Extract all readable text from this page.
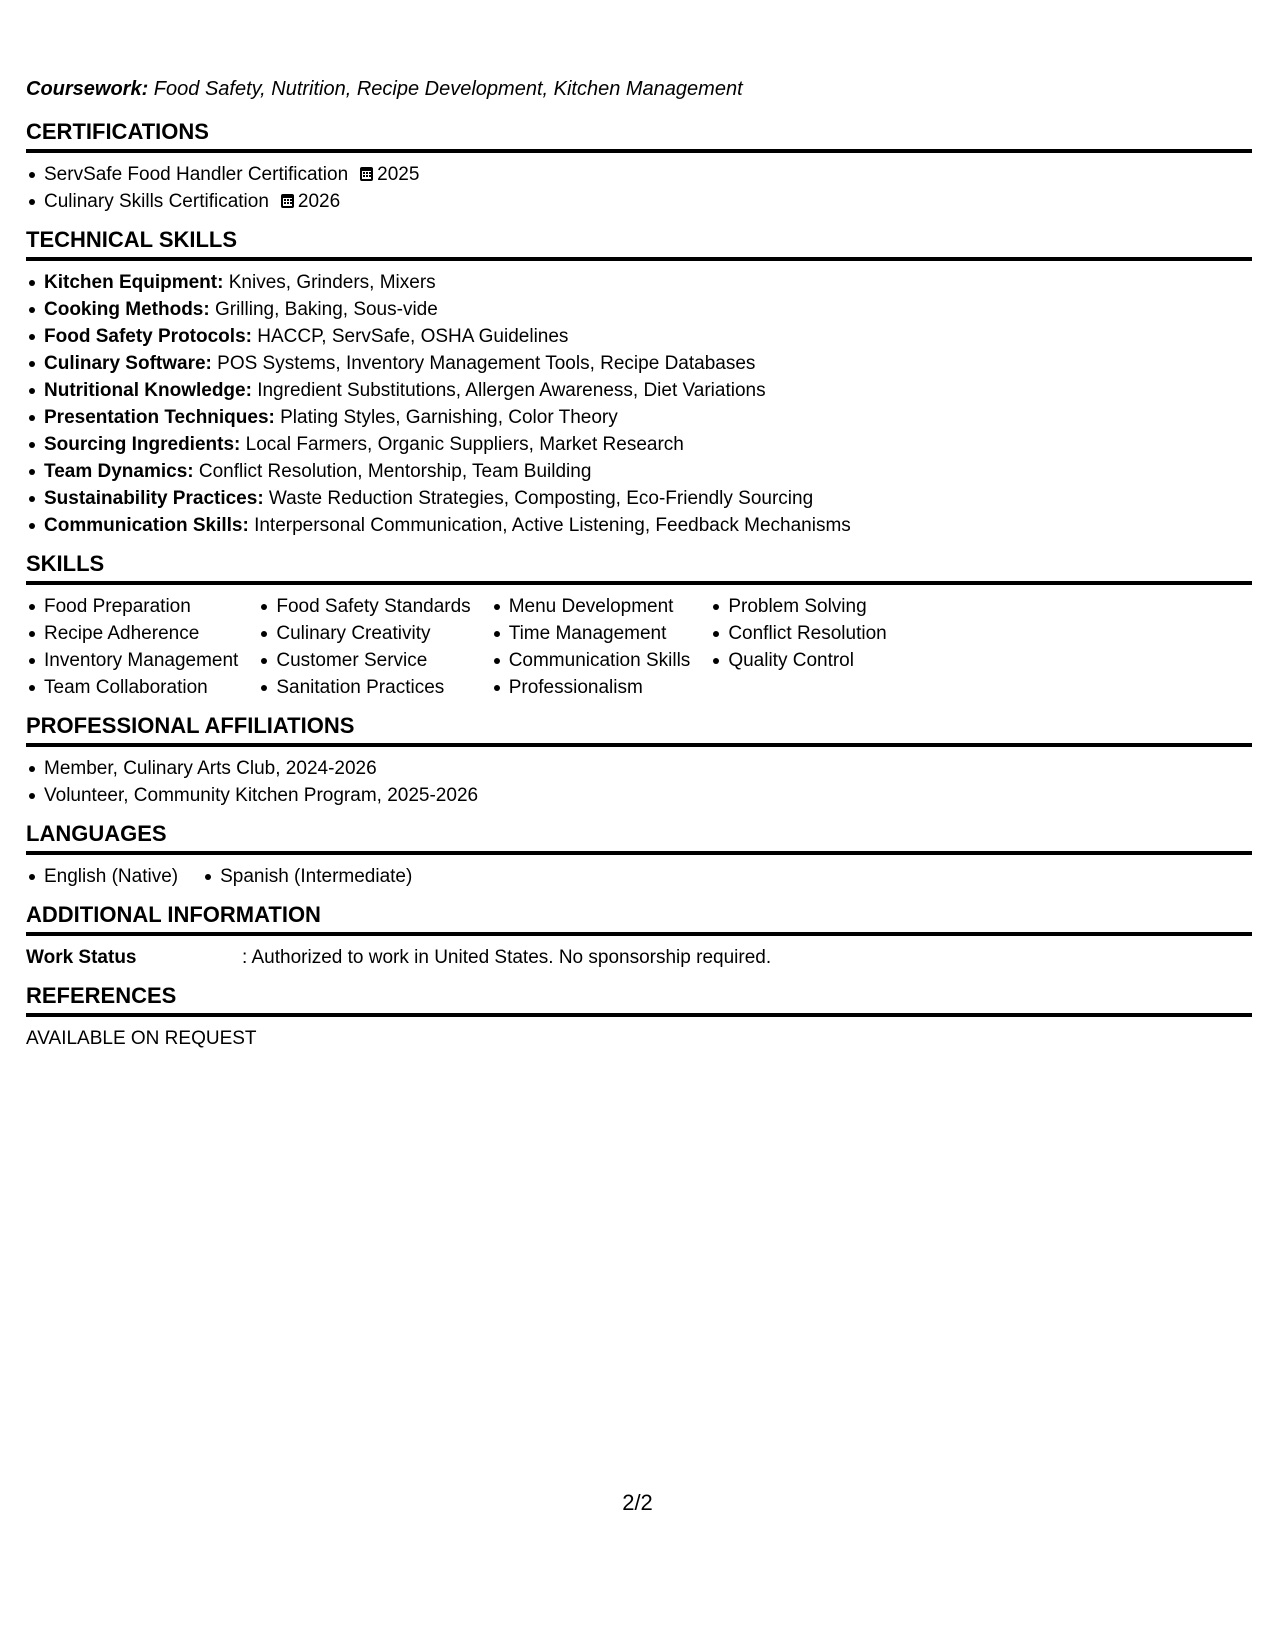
Coursework: Food Safety, Nutrition, Recipe Development, Kitchen Management

CERTIFICATIONS
ServSafe Food Handler Certification 2025
Culinary Skills Certification 2026
TECHNICAL SKILLS
Kitchen Equipment: Knives, Grinders, Mixers
Cooking Methods: Grilling, Baking, Sous-vide
Food Safety Protocols: HACCP, ServSafe, OSHA Guidelines
Culinary Software: POS Systems, Inventory Management Tools, Recipe Databases
Nutritional Knowledge: Ingredient Substitutions, Allergen Awareness, Diet Variations
Presentation Techniques: Plating Styles, Garnishing, Color Theory
Sourcing Ingredients: Local Farmers, Organic Suppliers, Market Research
Team Dynamics: Conflict Resolution, Mentorship, Team Building
Sustainability Practices: Waste Reduction Strategies, Composting, Eco-Friendly Sourcing
Communication Skills: Interpersonal Communication, Active Listening, Feedback Mechanisms
SKILLS
Food Preparation
Recipe Adherence
Inventory Management
Team Collaboration
Food Safety Standards
Culinary Creativity
Customer Service
Sanitation Practices
Menu Development
Time Management
Communication Skills
Professionalism
Problem Solving
Conflict Resolution
Quality Control
PROFESSIONAL AFFILIATIONS
Member, Culinary Arts Club, 2024-2026
Volunteer, Community Kitchen Program, 2025-2026
LANGUAGES
English (Native)	Spanish (Intermediate)
ADDITIONAL INFORMATION
Work Status	: Authorized to work in United States. No sponsorship required.
REFERENCES
AVAILABLE ON REQUEST
2/2
